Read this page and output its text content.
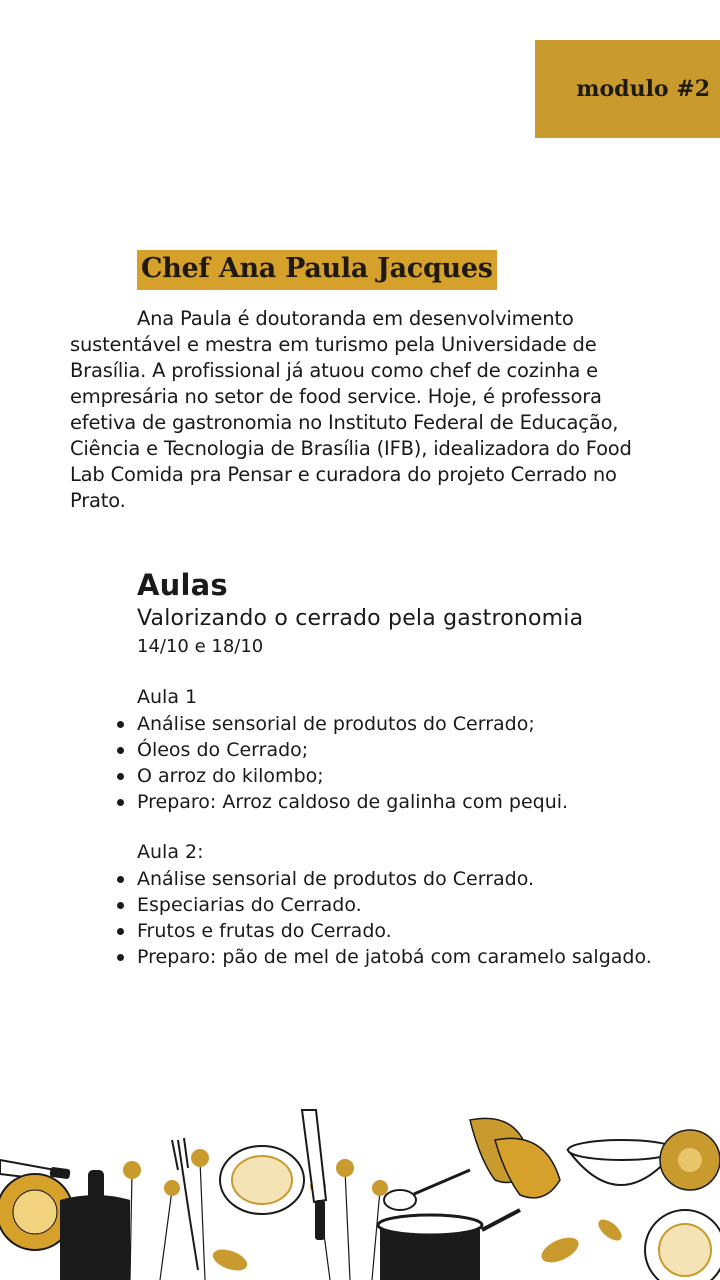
modulo #2
Chef Ana Paula Jacques

Ana Paula é doutoranda em desenvolvimento sustentável e mestra em turismo pela Universidade de Brasília. A profissional já atuou como chef de cozinha e empresária no setor de food service. Hoje, é professora efetiva de gastronomia no Instituto Federal de Educação, Ciência e Tecnologia de Brasília (IFB), idealizadora do Food Lab Comida pra Pensar e curadora do projeto Cerrado no Prato.

Aulas

Valorizando o cerrado pela gastronomia

14/10 e 18/10

Aula 1

Análise sensorial de produtos do Cerrado;
Óleos do Cerrado;
O arroz do kilombo;
Preparo: Arroz caldoso de galinha com pequi.

Aula 2:

Análise sensorial de produtos do Cerrado.
Especiarias do Cerrado.
Frutos e frutas do Cerrado.
Preparo: pão de mel de jatobá com caramelo salgado.
